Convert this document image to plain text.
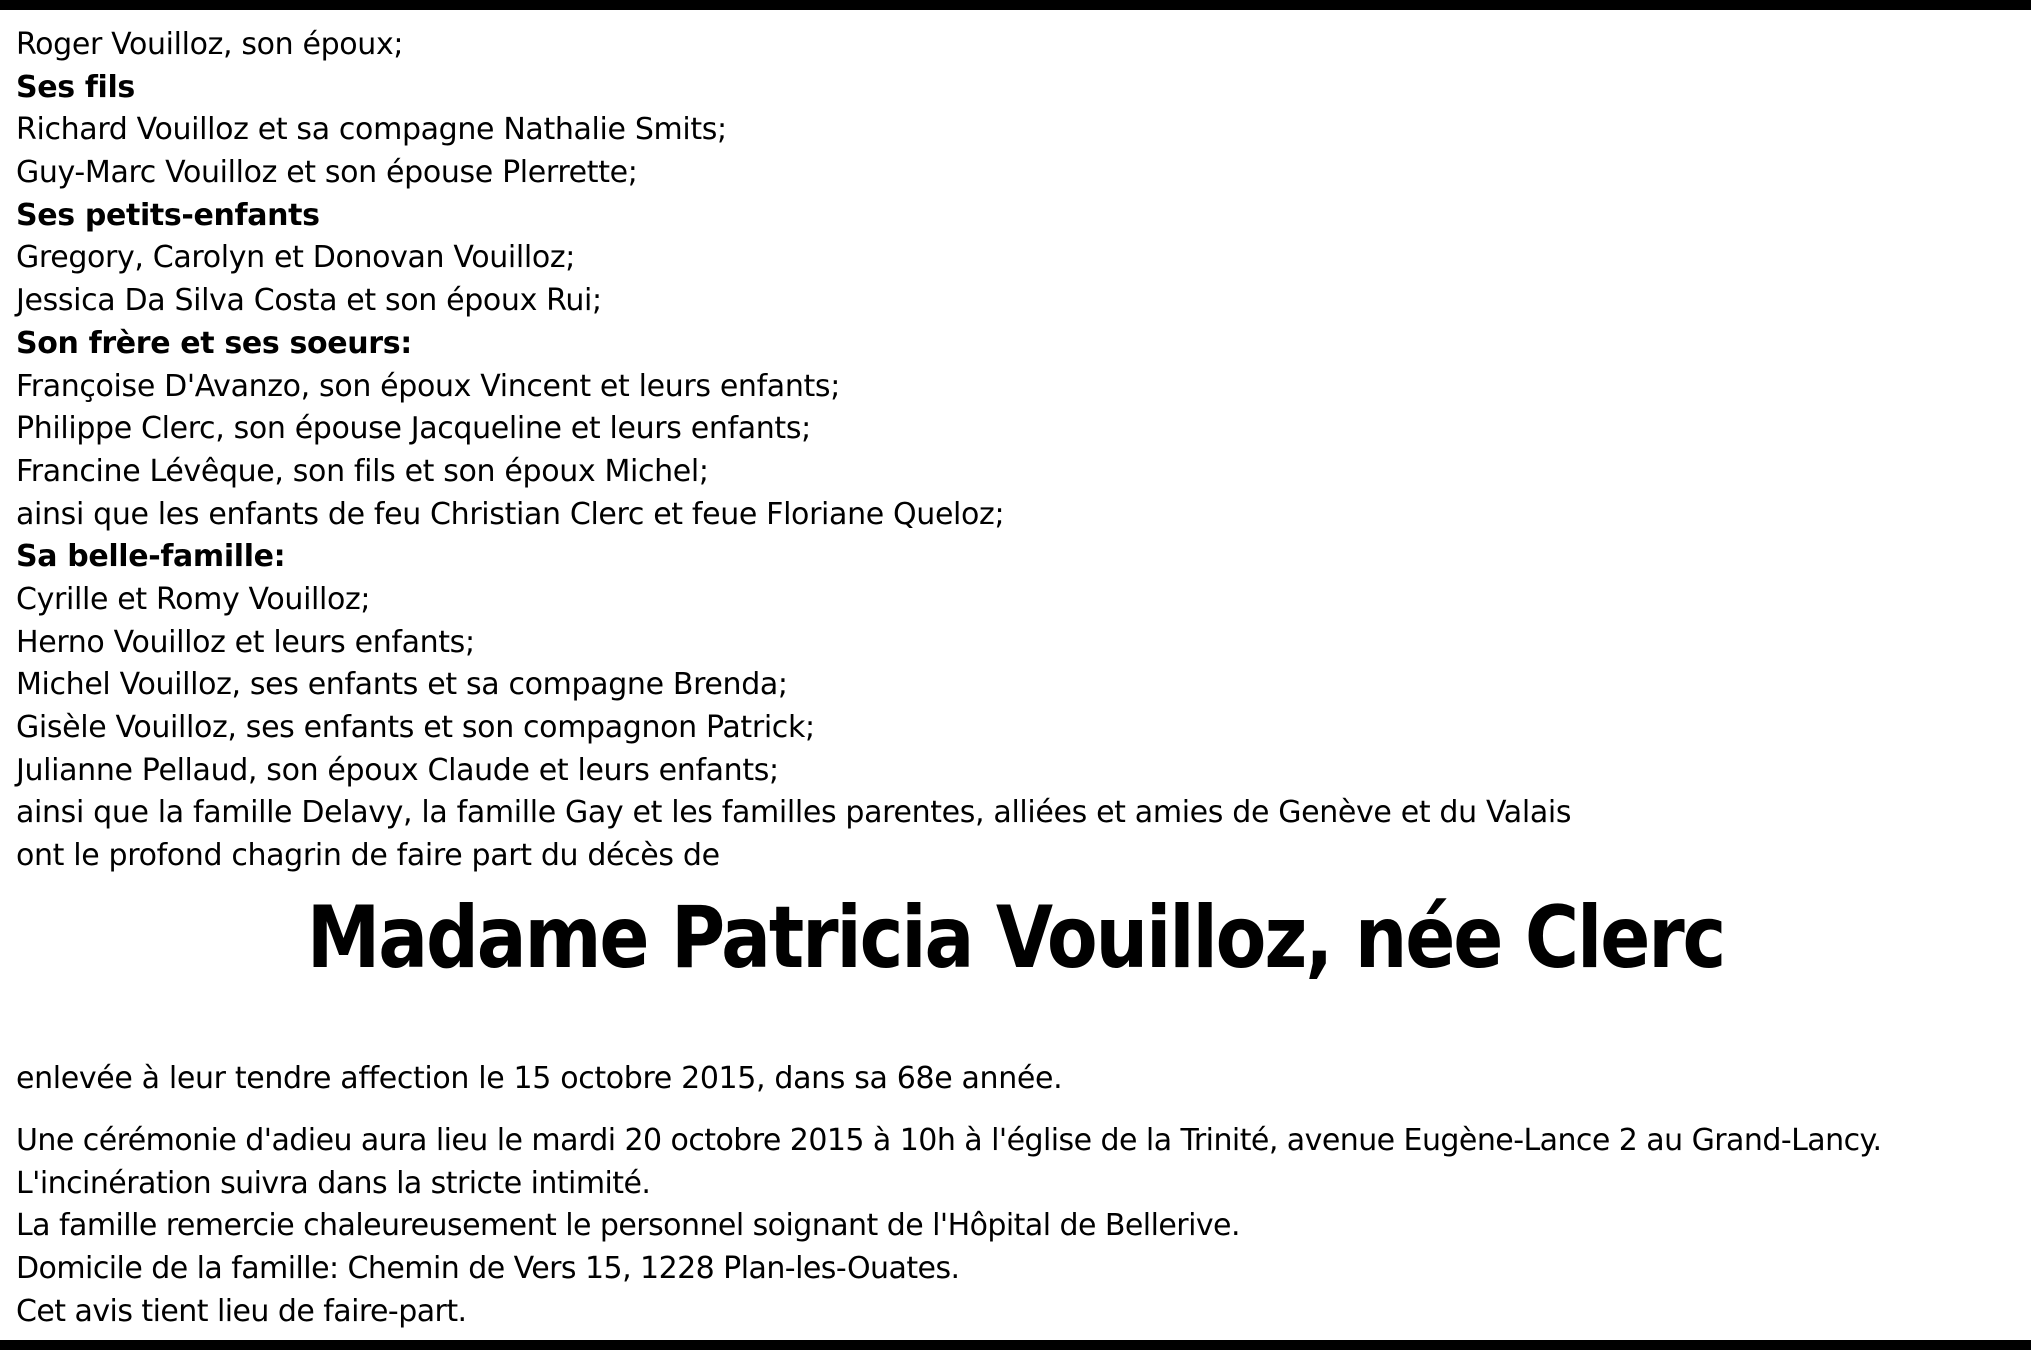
Roger Vouilloz, son époux;
Ses fils
Richard Vouilloz et sa compagne Nathalie Smits;
Guy-Marc Vouilloz et son épouse Plerrette;
Ses petits-enfants
Gregory, Carolyn et Donovan Vouilloz;
Jessica Da Silva Costa et son époux Rui;
Son frère et ses soeurs:
Françoise D'Avanzo, son époux Vincent et leurs enfants;
Philippe Clerc, son épouse Jacqueline et leurs enfants;
Francine Lévêque, son fils et son époux Michel;
ainsi que les enfants de feu Christian Clerc et feue Floriane Queloz;
Sa belle-famille:
Cyrille et Romy Vouilloz;
Herno Vouilloz et leurs enfants;
Michel Vouilloz, ses enfants et sa compagne Brenda;
Gisèle Vouilloz, ses enfants et son compagnon Patrick;
Julianne Pellaud, son époux Claude et leurs enfants;
ainsi que la famille Delavy, la famille Gay et les familles parentes, alliées et amies de Genève et du Valais
ont le profond chagrin de faire part du décès de
Madame Patricia Vouilloz, née Clerc
enlevée à leur tendre affection le 15 octobre 2015, dans sa 68e année.
Une cérémonie d'adieu aura lieu le mardi 20 octobre 2015 à 10h à l'église de la Trinité, avenue Eugène-Lance 2 au Grand-Lancy.
L'incinération suivra dans la stricte intimité.
La famille remercie chaleureusement le personnel soignant de l'Hôpital de Bellerive.
Domicile de la famille: Chemin de Vers 15, 1228 Plan-les-Ouates.
Cet avis tient lieu de faire-part.
